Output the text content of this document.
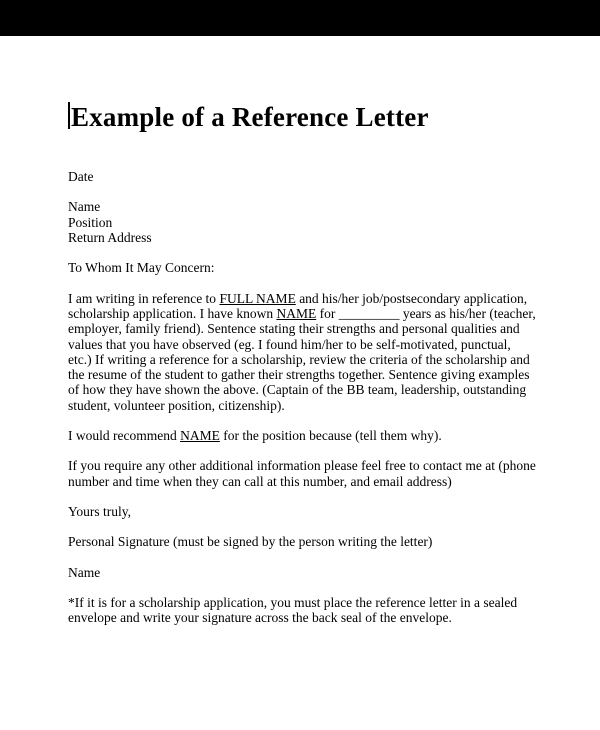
Example of a Reference Letter

Date

Name

Position

Return Address

To Whom It May Concern:

I am writing in reference to FULL NAME and his/her job/postsecondary application, scholarship application. I have known NAME for _________ years as his/her (teacher, employer, family friend). Sentence stating their strengths and personal qualities and values that you have observed (eg. I found him/her to be self-motivated, punctual, etc.) If writing a reference for a scholarship, review the criteria of the scholarship and the resume of the student to gather their strengths together. Sentence giving examples of how they have shown the above. (Captain of the BB team, leadership, outstanding student, volunteer position, citizenship).

I would recommend NAME for the position because (tell them why).

If you require any other additional information please feel free to contact me at (phone number and time when they can call at this number, and email address)

Yours truly,

Personal Signature (must be signed by the person writing the letter)

Name

*If it is for a scholarship application, you must place the reference letter in a sealed envelope and write your signature across the back seal of the envelope.
